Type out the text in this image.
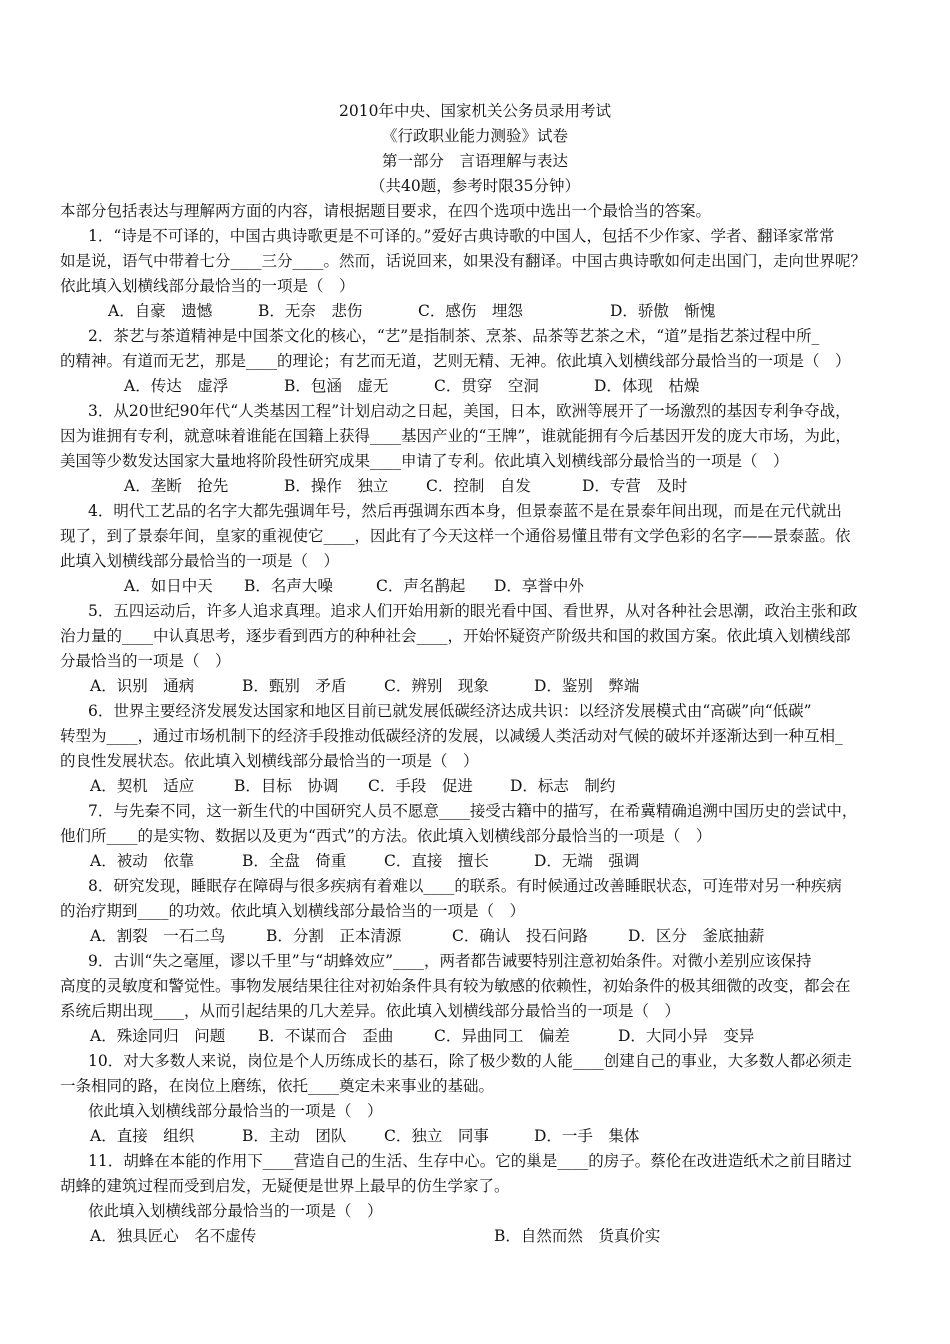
2010年中央、国家机关公务员录用考试
《行政职业能力测验》试卷
第一部分　言语理解与表达
（共40题，参考时限35分钟）
本部分包括表达与理解两方面的内容，请根据题目要求，在四个选项中选出一个最恰当的答案。
1．“诗是不可译的，中国古典诗歌更是不可译的。”爱好古典诗歌的中国人，包括不少作家、学者、翻译家常常
如是说，语气中带着七分____三分____。然而，话说回来，如果没有翻译。中国古典诗歌如何走出国门，走向世界呢？
依此填入划横线部分最恰当的一项是（　）
A．自豪　遗憾	B．无奈　悲伤	C．感伤　埋怨	D．骄傲　惭愧
2．茶艺与茶道精神是中国茶文化的核心，“艺”是指制茶、烹茶、品茶等艺茶之术，“道”是指艺茶过程中所_
的精神。有道而无艺，那是____的理论；有艺而无道，艺则无精、无神。依此填入划横线部分最恰当的一项是（　）
A．传达　虚浮	B．包涵　虚无	C．贯穿　空洞	D．体现　枯燥
3．从20世纪90年代“人类基因工程”计划启动之日起，美国，日本，欧洲等展开了一场激烈的基因专利争夺战，
因为谁拥有专利，就意味着谁能在国籍上获得____基因产业的“王牌”，谁就能拥有今后基因开发的庞大市场，为此，
美国等少数发达国家大量地将阶段性研究成果____申请了专利。依此填入划横线部分最恰当的一项是（　）
A．垄断　抢先	B．操作　独立 C．控制　自发	D．专营　及时
4．明代工艺品的名字大都先强调年号，然后再强调东西本身，但景泰蓝不是在景泰年间出现，而是在元代就出
现了，到了景泰年间，皇家的重视使它____，因此有了今天这样一个通俗易懂且带有文学色彩的名字——景泰蓝。依
此填入划横线部分最恰当的一项是（　）
A．如日中天 B．名声大噪	C．声名鹊起 D．享誉中外
5．五四运动后，许多人追求真理。追求人们开始用新的眼光看中国、看世界，从对各种社会思潮，政治主张和政
治力量的____中认真思考，逐步看到西方的种种社会____，开始怀疑资产阶级共和国的救国方案。依此填入划横线部
分最恰当的一项是（　）
A．识别　通病	B．甄别　矛盾 C．辨别　现象	D．鉴别　弊端
6．世界主要经济发展发达国家和地区目前已就发展低碳经济达成共识：以经济发展模式由“高碳”向“低碳”
转型为____，通过市场机制下的经济手段推动低碳经济的发展，以减缓人类活动对气候的破坏并逐渐达到一种互相_
的良性发展状态。依此填入划横线部分最恰当的一项是（　）
A．契机　适应	B．目标　协调 C．手段　促进 D．标志　制约
7．与先秦不同，这一新生代的中国研究人员不愿意____接受古籍中的描写，在希冀精确追溯中国历史的尝试中，
他们所____的是实物、数据以及更为“西式”的方法。依此填入划横线部分最恰当的一项是（　）
A．被动　依靠	B．全盘　倚重 C．直接　擅长	D．无端　强调
8．研究发现，睡眠存在障碍与很多疾病有着难以____的联系。有时候通过改善睡眠状态，可连带对另一种疾病
的治疗期到____的功效。依此填入划横线部分最恰当的一项是（　）
A．割裂　一石二鸟	B．分割　正本清源	C．确认　投石问路	D．区分　釜底抽薪
9．古训“失之毫厘，谬以千里”与“胡蜂效应”____，两者都告诫要特别注意初始条件。对微小差别应该保持
高度的灵敏度和警觉性。事物发展结果往往对初始条件具有较为敏感的依赖性，初始条件的极其细微的改变，都会在
系统后期出现____，从而引起结果的几大差异。依此填入划横线部分最恰当的一项是（　）
A．殊途同归　问题 B．不谋而合　歪曲	C．异曲同工　偏差	D．大同小异　变异
10．对大多数人来说，岗位是个人历练成长的基石，除了极少数的人能____创建自己的事业，大多数人都必须走
一条相同的路，在岗位上磨练，依托____奠定未来事业的基础。
依此填入划横线部分最恰当的一项是（　）
A．直接　组织	B．主动　团队 C．独立　同事	D．一手　集体
11．胡蜂在本能的作用下____营造自己的生活、生存中心。它的巢是____的房子。蔡伦在改进造纸术之前目睹过
胡蜂的建筑过程而受到启发，无疑便是世界上最早的仿生学家了。
依此填入划横线部分最恰当的一项是（　）
A．独具匠心　名不虚传	B．自然而然　货真价实
